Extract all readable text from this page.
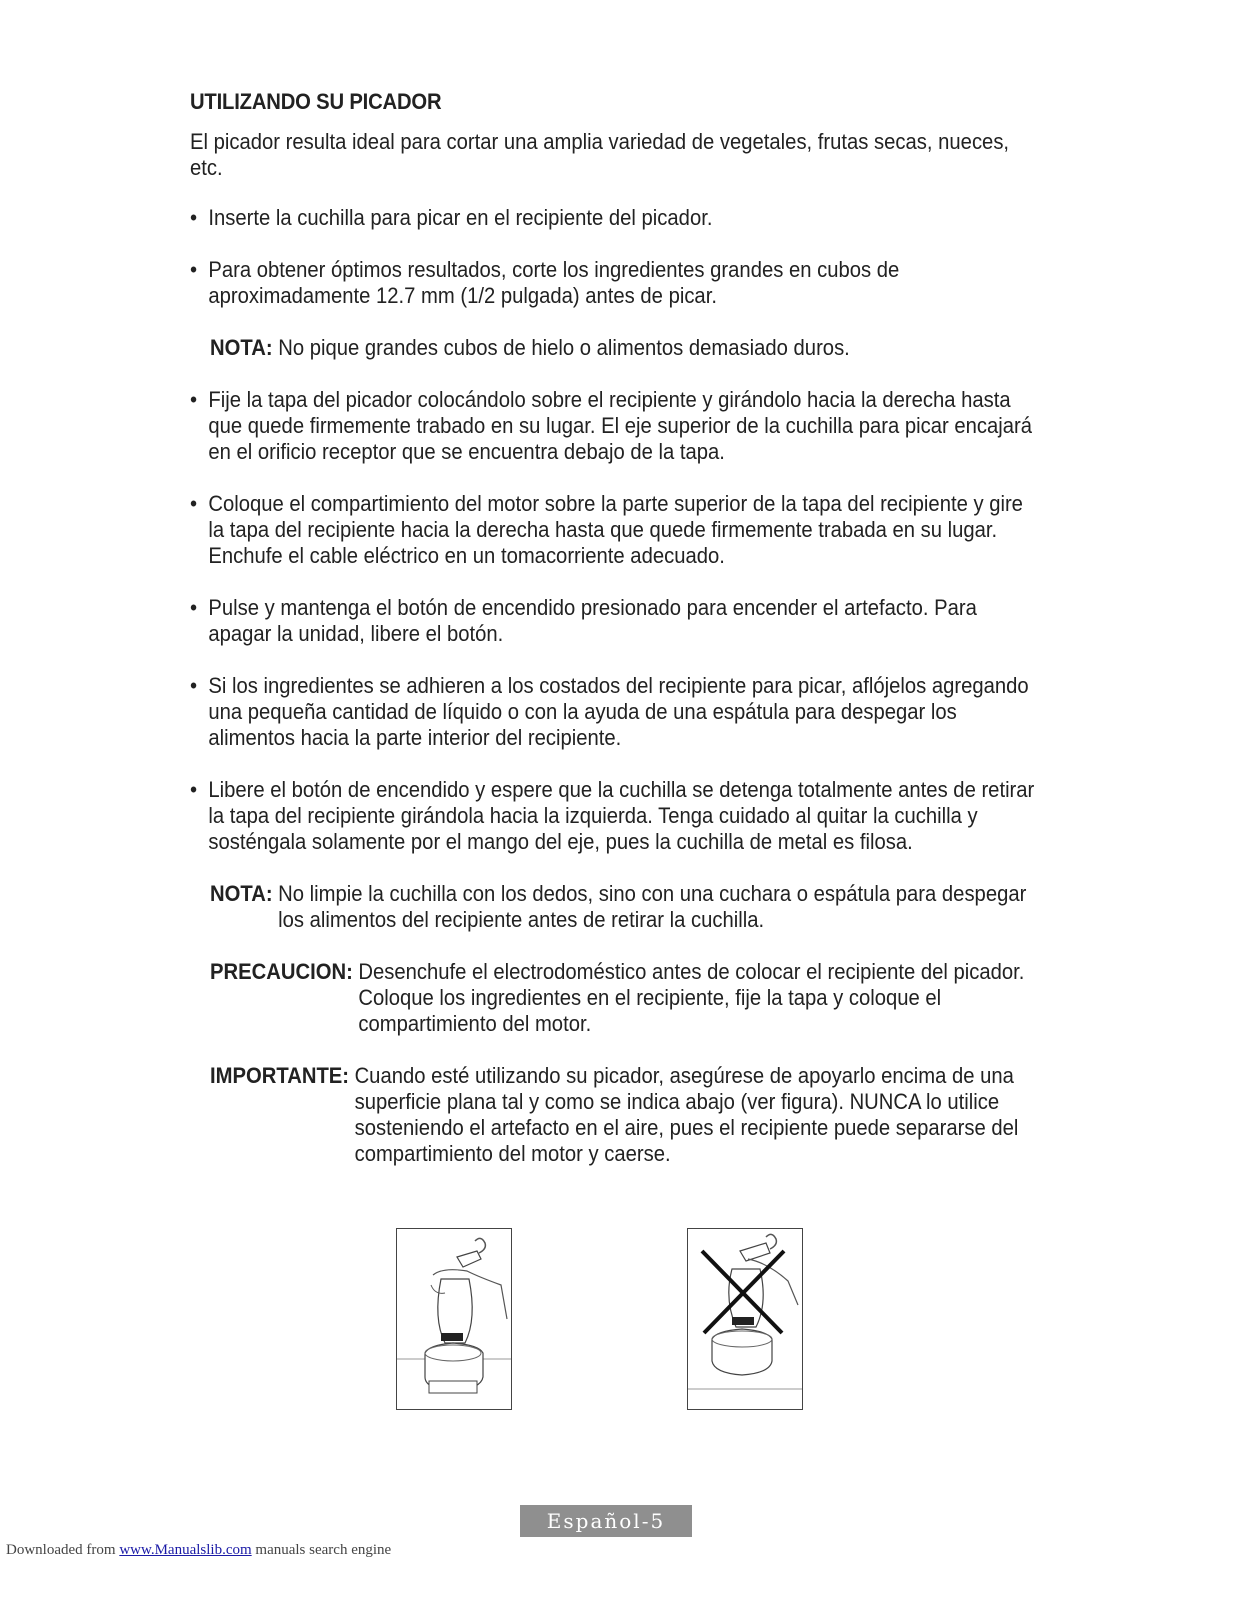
UTILIZANDO SU PICADOR
El picador resulta ideal para cortar una amplia variedad de vegetales, frutas secas, nueces, etc.
• Inserte la cuchilla para picar en el recipiente del picador.
• Para obtener óptimos resultados, corte los ingredientes grandes en cubos de aproximadamente 12.7 mm (1/2 pulgada) antes de picar.
NOTA: No pique grandes cubos de hielo o alimentos demasiado duros.
• Fije la tapa del picador colocándolo sobre el recipiente y girándolo hacia la derecha hasta que quede firmemente trabado en su lugar. El eje superior de la cuchilla para picar encajará en el orificio receptor que se encuentra debajo de la tapa.
• Coloque el compartimiento del motor sobre la parte superior de la tapa del recipiente y gire la tapa del recipiente hacia la derecha hasta que quede firmemente trabada en su lugar. Enchufe el cable eléctrico en un tomacorriente adecuado.
• Pulse y mantenga el botón de encendido presionado para encender el artefacto. Para apagar la unidad, libere el botón.
• Si los ingredientes se adhieren a los costados del recipiente para picar, aflójelos agregando una pequeña cantidad de líquido o con la ayuda de una espátula para despegar los alimentos hacia la parte interior del recipiente.
• Libere el botón de encendido y espere que la cuchilla se detenga totalmente antes de retirar la tapa del recipiente girándola hacia la izquierda. Tenga cuidado al quitar la cuchilla y sosténgala solamente por el mango del eje, pues la cuchilla de metal es filosa.
NOTA: No limpie la cuchilla con los dedos, sino con una cuchara o espátula para despegar los alimentos del recipiente antes de retirar la cuchilla.
PRECAUCION: Desenchufe el electrodoméstico antes de colocar el recipiente del picador. Coloque los ingredientes en el recipiente, fije la tapa y coloque el compartimiento del motor.
IMPORTANTE: Cuando esté utilizando su picador, asegúrese de apoyarlo encima de una superficie plana tal y como se indica abajo (ver figura). NUNCA lo utilice sosteniendo el artefacto en el aire, pues el recipiente puede separarse del compartimiento del motor y caerse.
Español-5
Downloaded from www.Manualslib.com manuals search engine
